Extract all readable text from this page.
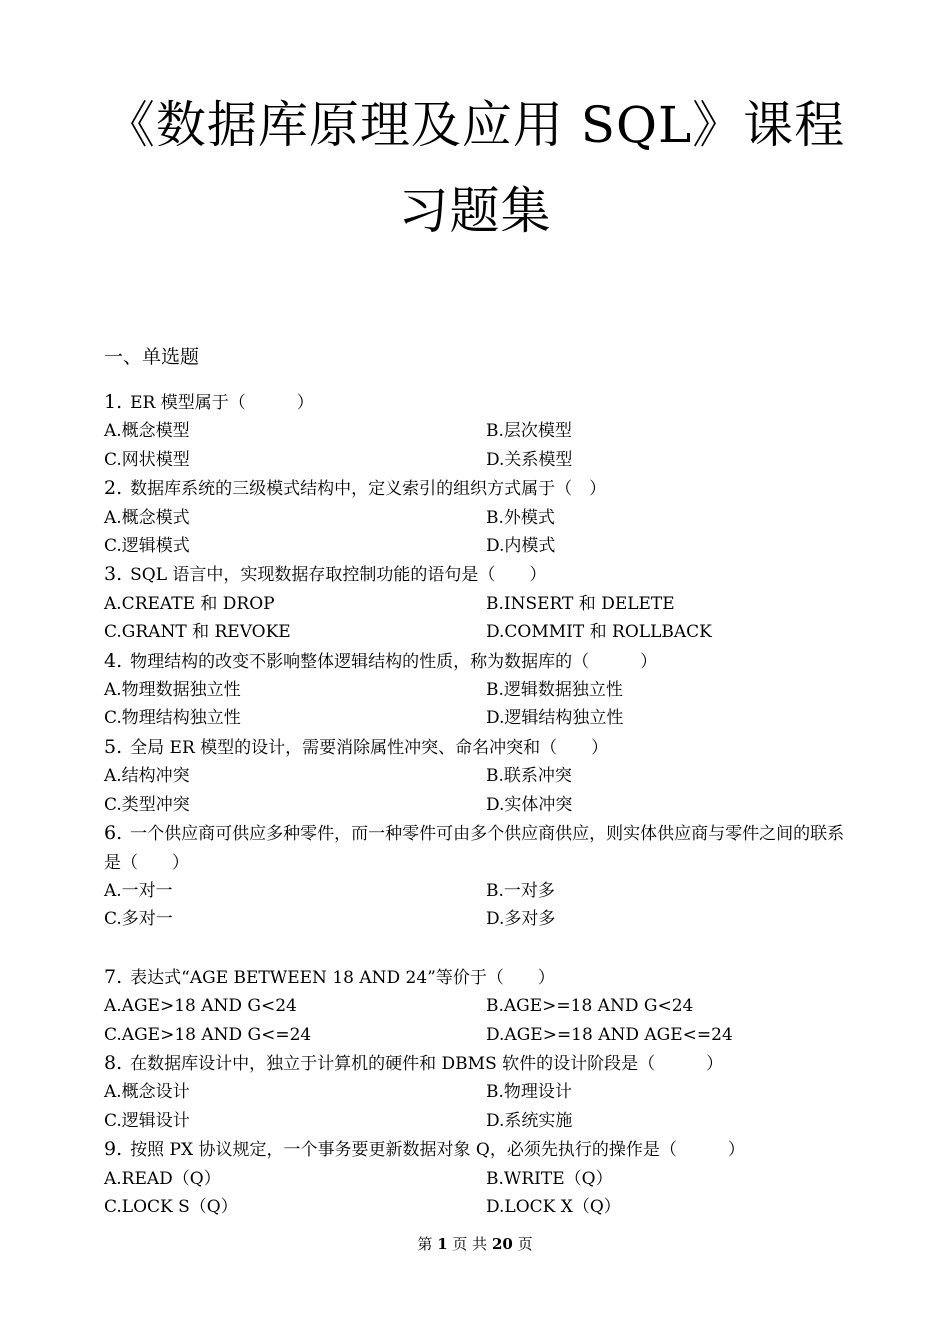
《数据库原理及应用 SQL》课程习题集
一、单选题
1. ER 模型属于（　　　）
A.概念模型	B.层次模型
C.网状模型	D.关系模型
2. 数据库系统的三级模式结构中，定义索引的组织方式属于（　）
A.概念模式	B.外模式
C.逻辑模式	D.内模式
3. SQL 语言中，实现数据存取控制功能的语句是（　　）
A.CREATE 和 DROP	B.INSERT 和 DELETE
C.GRANT 和 REVOKE	D.COMMIT 和 ROLLBACK
4. 物理结构的改变不影响整体逻辑结构的性质，称为数据库的（　　　）
A.物理数据独立性	B.逻辑数据独立性
C.物理结构独立性	D.逻辑结构独立性
5. 全局 ER 模型的设计，需要消除属性冲突、命名冲突和（　　）
A.结构冲突	B.联系冲突
C.类型冲突	D.实体冲突
6. 一个供应商可供应多种零件，而一种零件可由多个供应商供应，则实体供应商与零件之间的联系是（　　）
A.一对一	B.一对多
C.多对一	D.多对多
7. 表达式“AGE BETWEEN 18 AND 24”等价于（　　）
A.AGE>18 AND G<24	B.AGE>=18 AND G<24
C.AGE>18 AND G<=24	D.AGE>=18 AND AGE<=24
8. 在数据库设计中，独立于计算机的硬件和 DBMS 软件的设计阶段是（　　　）
A.概念设计	B.物理设计
C.逻辑设计	D.系统实施
9. 按照 PX 协议规定，一个事务要更新数据对象 Q，必须先执行的操作是（　　　）
A.READ（Q）	B.WRITE（Q）
C.LOCK S（Q）	D.LOCK X（Q）
第 1 页 共 20 页
